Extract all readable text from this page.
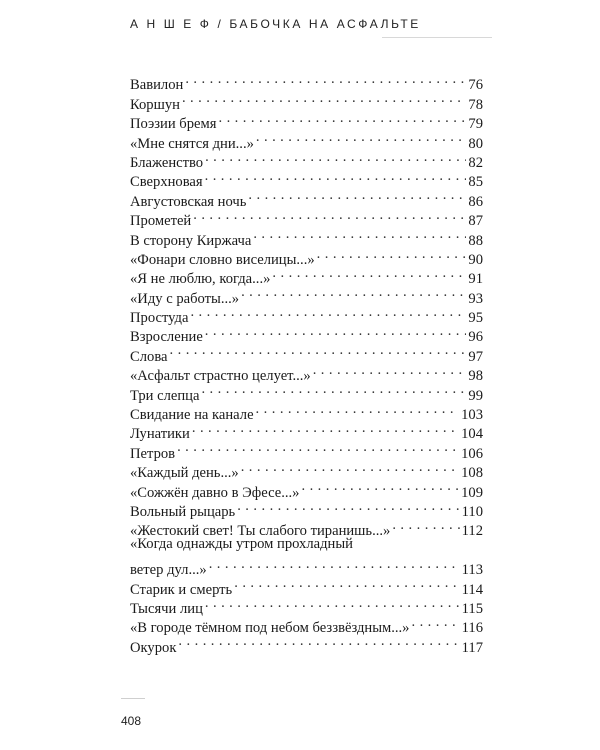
А Н Ш Е Ф / БАБОЧКА НА АСФАЛЬТЕ
Вавилон . . .	76
Коршун . . .	78
Поэзии бремя . . .	79
«Мне снятся дни...» . . .	80
Блаженство . . .	82
Сверхновая . . .	85
Августовская ночь . . .	86
Прометей . . .	87
В сторону Киржача . . .	88
«Фонари словно виселицы...» . . .	90
«Я не люблю, когда...» . . .	91
«Иду с работы...» . . .	93
Простуда . . .	95
Взросление . . .	96
Слова . . .	97
«Асфальт страстно целует...» . . .	98
Три слепца . . .	99
Свидание на канале . . .	103
Лунатики . . .	104
Петров . . .	106
«Каждый день...» . . .	108
«Сожжён давно в Эфесе...» . . .	109
Вольный рыцарь . . .	110
«Жестокий свет! Ты слабого тиранишь...» . . .	112
«Когда однажды утром прохладный
ветер дул...» . . .	113
Старик и смерть . . .	114
Тысячи лиц . . .	115
«В городе тёмном под небом беззвёздным...» . . .	116
Окурок . . .	117
408
